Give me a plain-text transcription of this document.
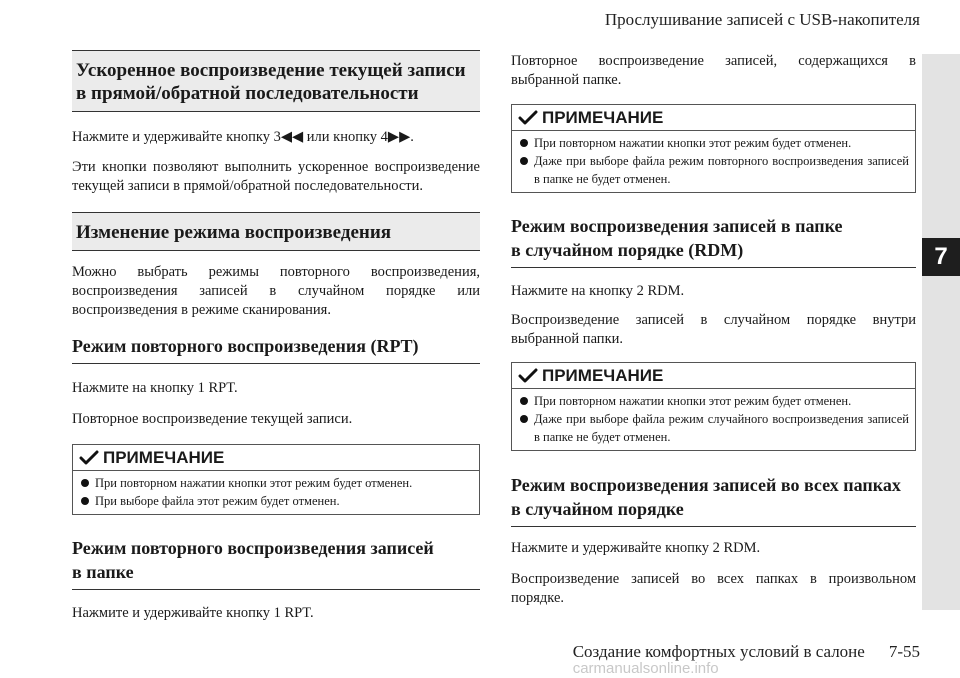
Прослушивание записей с USB-накопителя
7
Ускоренное воспроизведение текущей записи в прямой/обратной последовательности
Нажмите и удерживайте кнопку 3◀◀ или кнопку 4▶▶.
Эти кнопки позволяют выполнить ускоренное воспроизведение текущей записи в прямой/обратной последовательности.
Изменение режима воспроизведения
Можно выбрать режимы повторного воспроизведения, воспроизведения записей в случайном порядке или воспроизведения в режиме сканирования.
Режим повторного воспроизведения (RPT)
Нажмите на кнопку 1 RPT.
Повторное воспроизведение текущей записи.
ПРИМЕЧАНИЕ
При повторном нажатии кнопки этот режим будет отменен.
При выборе файла этот режим будет отменен.
Режим повторного воспроизведения записей
в папке
Нажмите и удерживайте кнопку 1 RPT.
Повторное воспроизведение записей, содержащихся в выбранной папке.
ПРИМЕЧАНИЕ
При повторном нажатии кнопки этот режим будет отменен.
Даже при выборе файла режим повторного воспроизведения записей в папке не будет отменен.
Режим воспроизведения записей в папке
в случайном порядке (RDM)
Нажмите на кнопку 2 RDM.
Воспроизведение записей в случайном порядке внутри выбранной папки.
ПРИМЕЧАНИЕ
При повторном нажатии кнопки этот режим будет отменен.
Даже при выборе файла режим случайного воспроизведения записей в папке не будет отменен.
Режим воспроизведения записей во всех папках
в случайном порядке
Нажмите и удерживайте кнопку 2 RDM.
Воспроизведение записей во всех папках в произвольном порядке.
Создание комфортных условий в салоне 7-55
carmanualsonline.info
